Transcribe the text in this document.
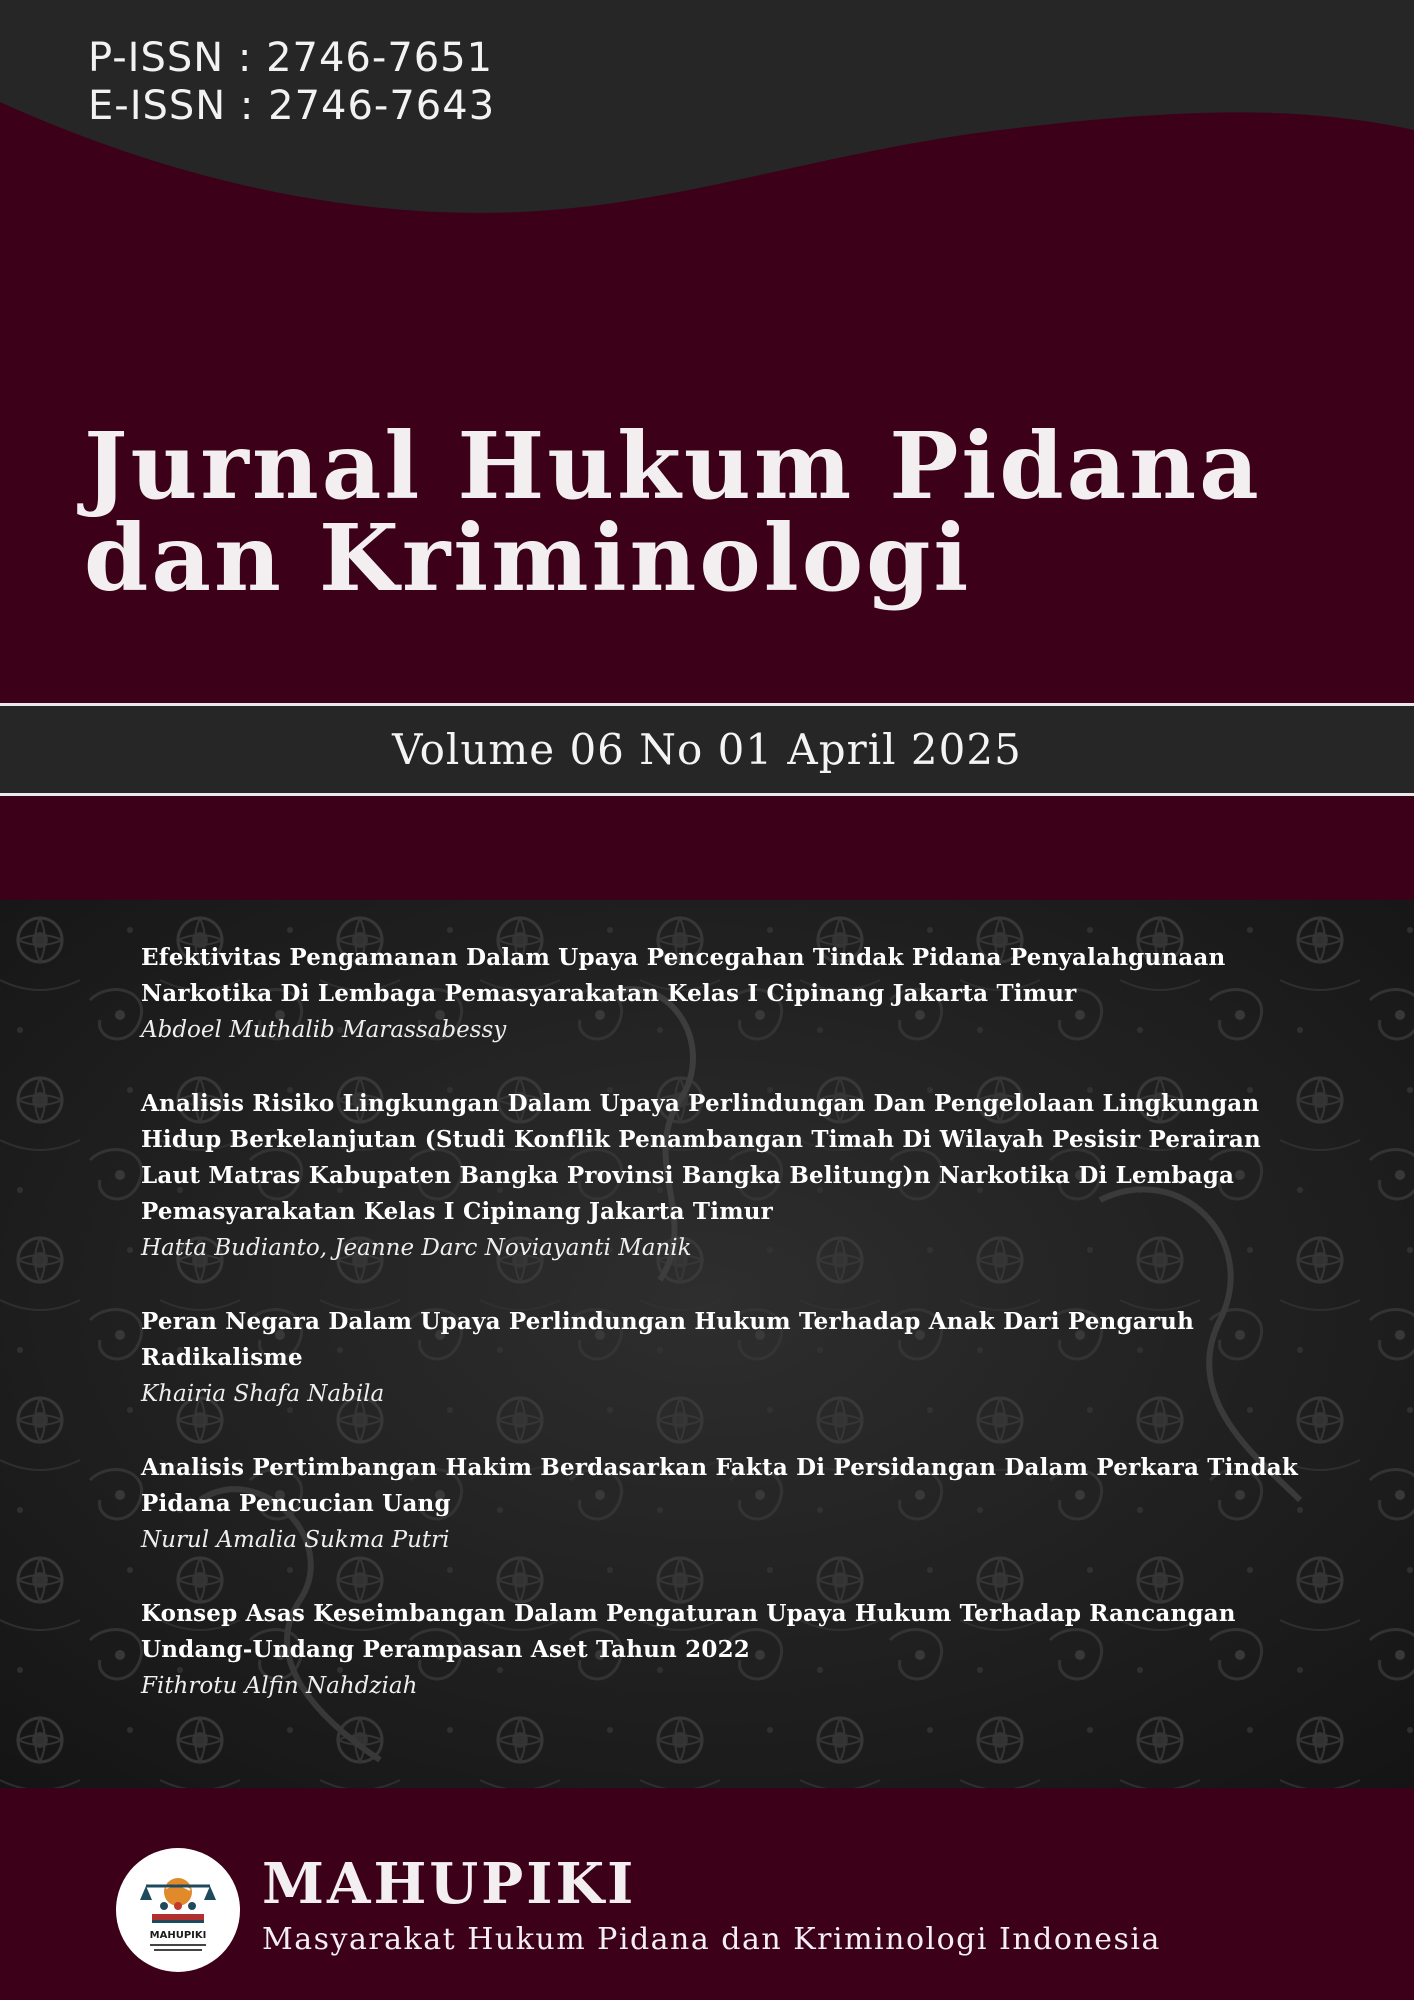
P-ISSN : 2746-7651
E-ISSN : 2746-7643
Jurnal Hukum Pidana
dan Kriminologi
Volume 06 No 01 April 2025
Efektivitas Pengamanan Dalam Upaya Pencegahan Tindak Pidana Penyalahgunaan Narkotika Di Lembaga Pemasyarakatan Kelas I Cipinang Jakarta Timur
Abdoel Muthalib Marassabessy
Analisis Risiko Lingkungan Dalam Upaya Perlindungan Dan Pengelolaan Lingkungan Hidup Berkelanjutan (Studi Konflik Penambangan Timah Di Wilayah Pesisir Perairan Laut Matras Kabupaten Bangka Provinsi Bangka Belitung)n Narkotika Di Lembaga Pemasyarakatan Kelas I Cipinang Jakarta Timur
Hatta Budianto, Jeanne Darc Noviayanti Manik
Peran Negara Dalam Upaya Perlindungan Hukum Terhadap Anak Dari Pengaruh Radikalisme
Khairia Shafa Nabila
Analisis Pertimbangan Hakim Berdasarkan Fakta Di Persidangan Dalam Perkara Tindak Pidana Pencucian Uang
Nurul Amalia Sukma Putri
Konsep Asas Keseimbangan Dalam Pengaturan Upaya Hukum Terhadap Rancangan Undang-Undang Perampasan Aset Tahun 2022
Fithrotu Alfin Nahdziah
MAHUPIKI
MAHUPIKI
Masyarakat Hukum Pidana dan Kriminologi Indonesia
